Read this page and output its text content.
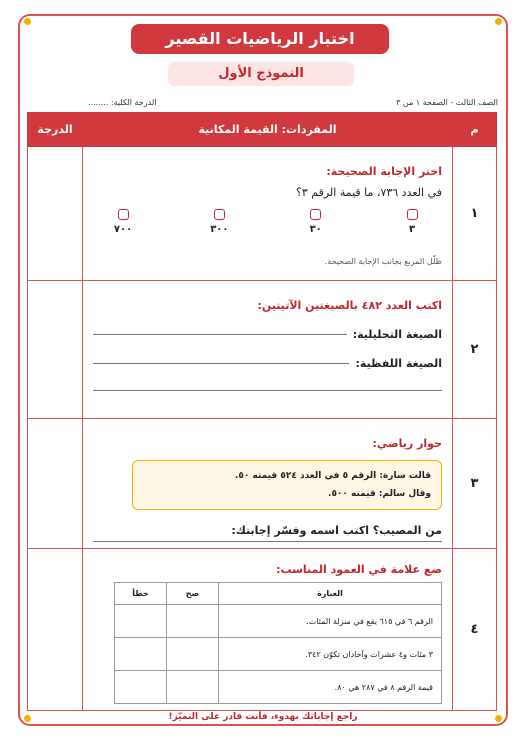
اختبار الرياضيات القصير
النموذج الأول
الصف الثالث - الصفحة ١ من ٣
الدرجة الكلية: ........
م	المفردات: القيمة المكانية	الدرجة
١	
اختر الإجابة الصحيحة:
في العدد ٧٣٦، ما قيمة الرقم ٣؟
٣
٣٠
٣٠٠
٧٠٠
ظلّل المربع بجانب الإجابة الصحيحة.

٢	
اكتب العدد ٤٨٢ بالصيغتين الآتيتين:
الصيغة التحليلية:
الصيغة اللفظية:

٣	
حوار رياضي:
قالت سارة: الرقم ٥ في العدد ٥٢٤ قيمته ٥٠.
وقال سالم: قيمته ٥٠٠.
من المصيب؟ اكتب اسمه وفسّر إجابتك:

٤	
ضع علامة في العمود المناسب:
العبارة	صح	خطأ
الرقم ٦ في ٦١٥ يقع في منزلة المئات.		
٣ مئات و٤ عشرات وآحادان تكوّن ٣٤٢.		
قيمة الرقم ٨ في ٢٨٧ هي ٨٠.		

راجع إجاباتك بهدوء، فأنت قادر على التميّز!
